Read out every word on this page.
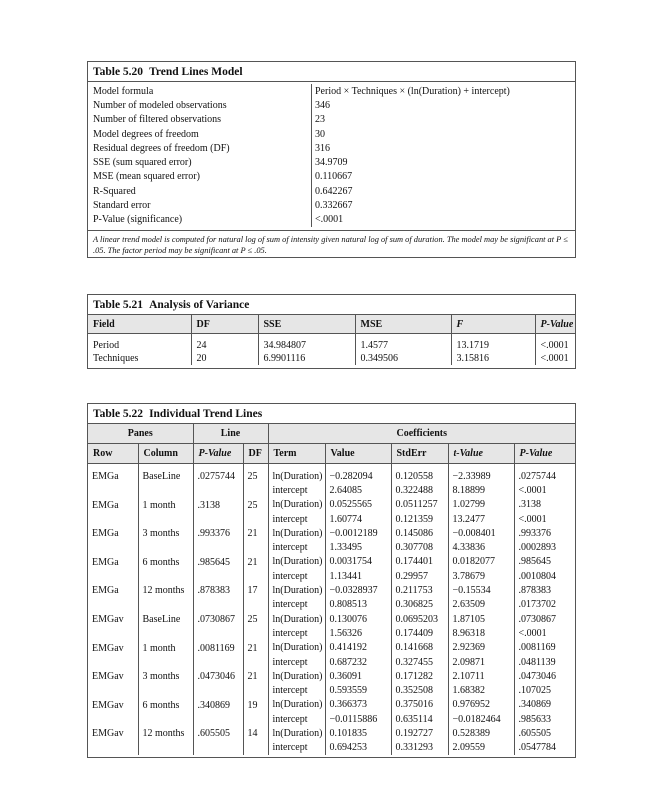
Table 5.20 Trend Lines Model
Model formula	Period × Techniques × (ln(Duration) + intercept)
Number of modeled observations	346
Number of filtered observations	23
Model degrees of freedom	30
Residual degrees of freedom (DF)	316
SSE (sum squared error)	34.9709
MSE (mean squared error)	0.110667
R-Squared	0.642267
Standard error	0.332667
P-Value (significance)	<.0001
A linear trend model is computed for natural log of sum of intensity given natural log of sum of duration. The model may be significant at P ≤ .05. The factor period may be significant at P ≤ .05.
Table 5.21 Analysis of Variance
Field	DF	SSE	MSE	F	P-Value
Period	24	34.984807	1.4577	13.1719	<.0001
Techniques	20	6.9901116	0.349506	3.15816	<.0001
Table 5.22 Individual Trend Lines
Panes		Line		Coefficients				
Row	Column	P-Value	DF	Term	Value	StdErr	t-Value	P-Value

EMGa	BaseLine	.0275744	25	ln(Duration)	−0.282094	0.120558	−2.33989	.0275744
				intercept	2.64085	0.322488	8.18899	<.0001
EMGa	1 month	.3138	25	ln(Duration)	0.0525565	0.0511257	1.02799	.3138
				intercept	1.60774	0.121359	13.2477	<.0001
EMGa	3 months	.993376	21	ln(Duration)	−0.0012189	0.145086	−0.008401	.993376
				intercept	1.33495	0.307708	4.33836	.0002893
EMGa	6 months	.985645	21	ln(Duration)	0.0031754	0.174401	0.0182077	.985645
				intercept	1.13441	0.29957	3.78679	.0010804
EMGa	12 months	.878383	17	ln(Duration)	−0.0328937	0.211753	−0.15534	.878383
				intercept	0.808513	0.306825	2.63509	.0173702
EMGav	BaseLine	.0730867	25	ln(Duration)	0.130076	0.0695203	1.87105	.0730867
				intercept	1.56326	0.174409	8.96318	<.0001
EMGav	1 month	.0081169	21	ln(Duration)	0.414192	0.141668	2.92369	.0081169
				intercept	0.687232	0.327455	2.09871	.0481139
EMGav	3 months	.0473046	21	ln(Duration)	0.36091	0.171282	2.10711	.0473046
				intercept	0.593559	0.352508	1.68382	.107025
EMGav	6 months	.340869	19	ln(Duration)	0.366373	0.375016	0.976952	.340869
				intercept	−0.0115886	0.635114	−0.0182464	.985633
EMGav	12 months	.605505	14	ln(Duration)	0.101835	0.192727	0.528389	.605505
				intercept	0.694253	0.331293	2.09559	.0547784
